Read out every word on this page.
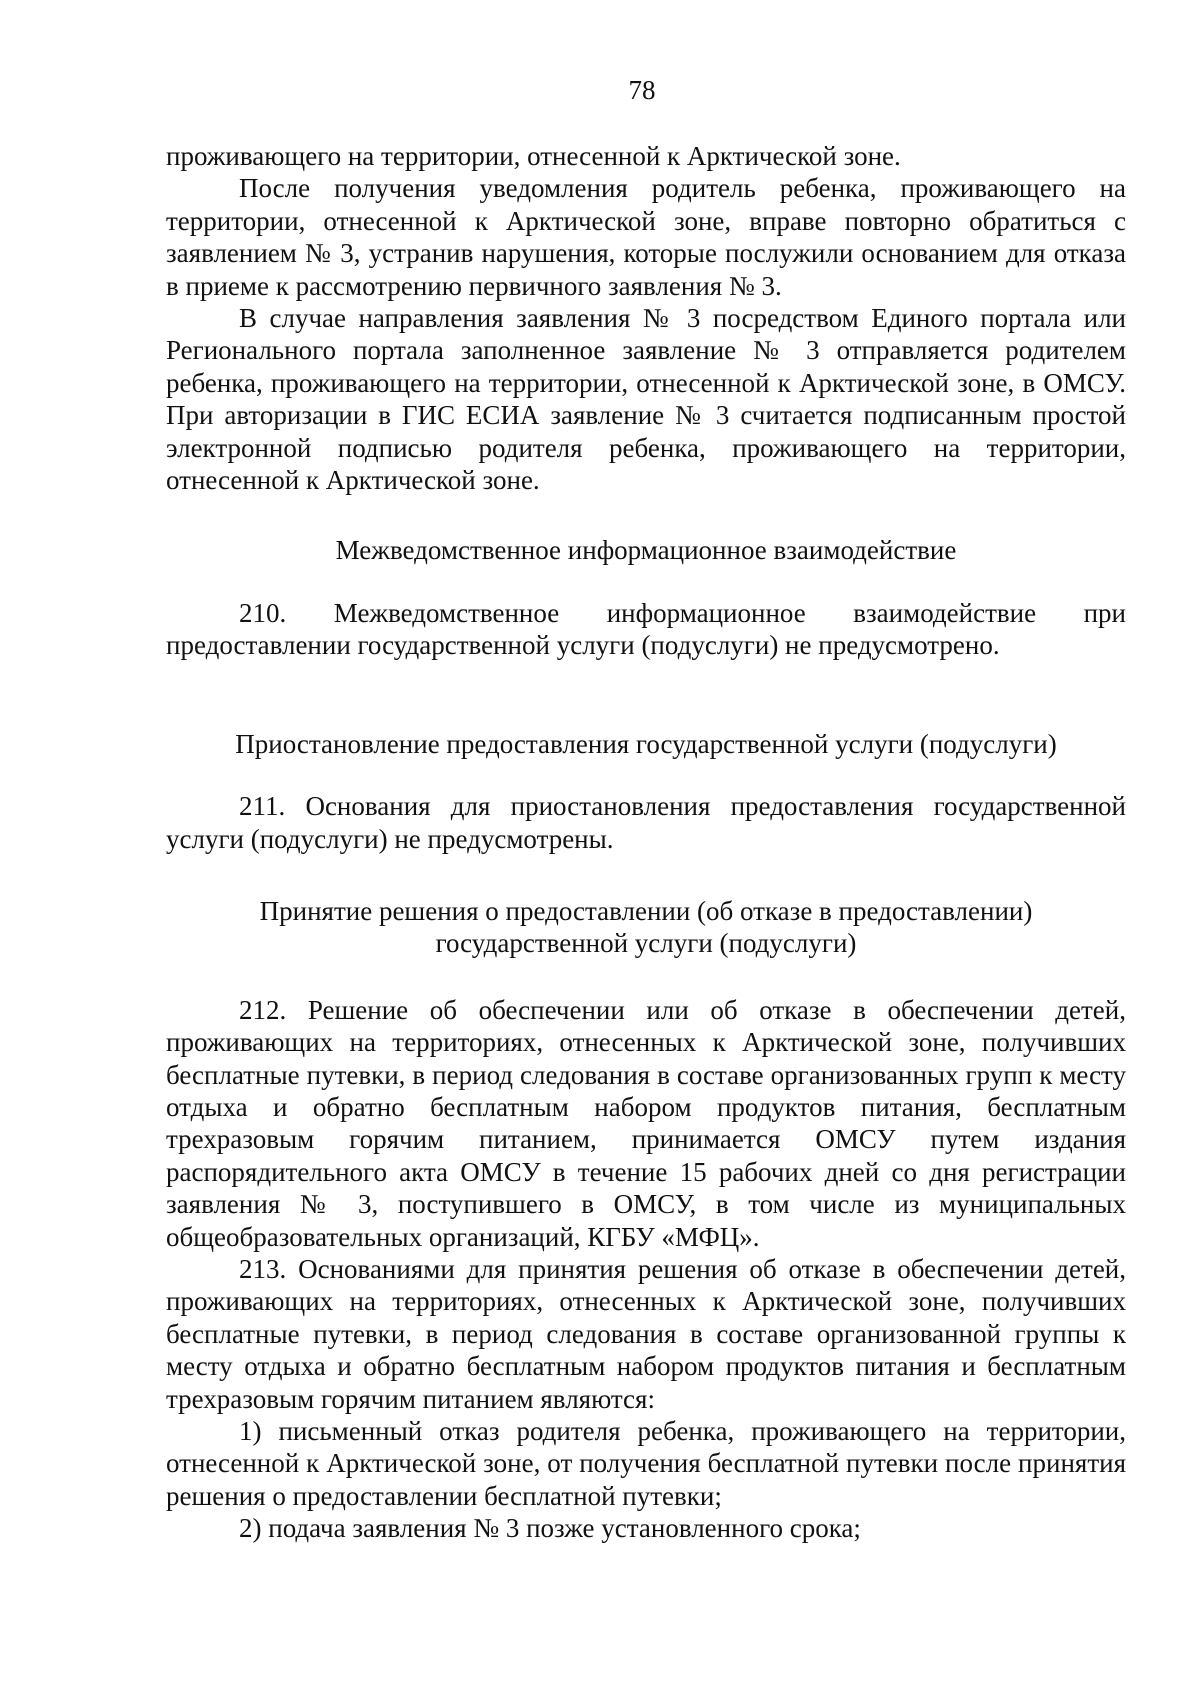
78

проживающего на территории, отнесенной к Арктической зоне.

После получения уведомления родитель ребенка, проживающего на территории, отнесенной к Арктической зоне, вправе повторно обратиться с заявлением № 3, устранив нарушения, которые послужили основанием для отказа в приеме к рассмотрению первичного заявления № 3.

В случае направления заявления № 3 посредством Единого портала или Регионального портала заполненное заявление № 3 отправляется родителем ребенка, проживающего на территории, отнесенной к Арктической зоне, в ОМСУ. При авторизации в ГИС ЕСИА заявление № 3 считается подписанным простой электронной подписью родителя ребенка, проживающего на территории, отнесенной к Арктической зоне.

Межведомственное информационное взаимодействие

210. Межведомственное информационное взаимодействие при предоставлении государственной услуги (подуслуги) не предусмотрено.

Приостановление предоставления государственной услуги (подуслуги)

211. Основания для приостановления предоставления государственной услуги (подуслуги) не предусмотрены.

Принятие решения о предоставлении (об отказе в предоставлении)

государственной услуги (подуслуги)

212. Решение об обеспечении или об отказе в обеспечении детей, проживающих на территориях, отнесенных к Арктической зоне, получивших бесплатные путевки, в период следования в составе организованных групп к месту отдыха и обратно бесплатным набором продуктов питания, бесплатным трехразовым горячим питанием, принимается ОМСУ путем издания распорядительного акта ОМСУ в течение 15 рабочих дней со дня регистрации заявления № 3, поступившего в ОМСУ, в том числе из муниципальных общеобразовательных организаций, КГБУ «МФЦ».

213. Основаниями для принятия решения об отказе в обеспечении детей, проживающих на территориях, отнесенных к Арктической зоне, получивших бесплатные путевки, в период следования в составе организованной группы к месту отдыха и обратно бесплатным набором продуктов питания и бесплатным трехразовым горячим питанием являются:

1) письменный отказ родителя ребенка, проживающего на территории, отнесенной к Арктической зоне, от получения бесплатной путевки после принятия решения о предоставлении бесплатной путевки;

2) подача заявления № 3 позже установленного срока;
